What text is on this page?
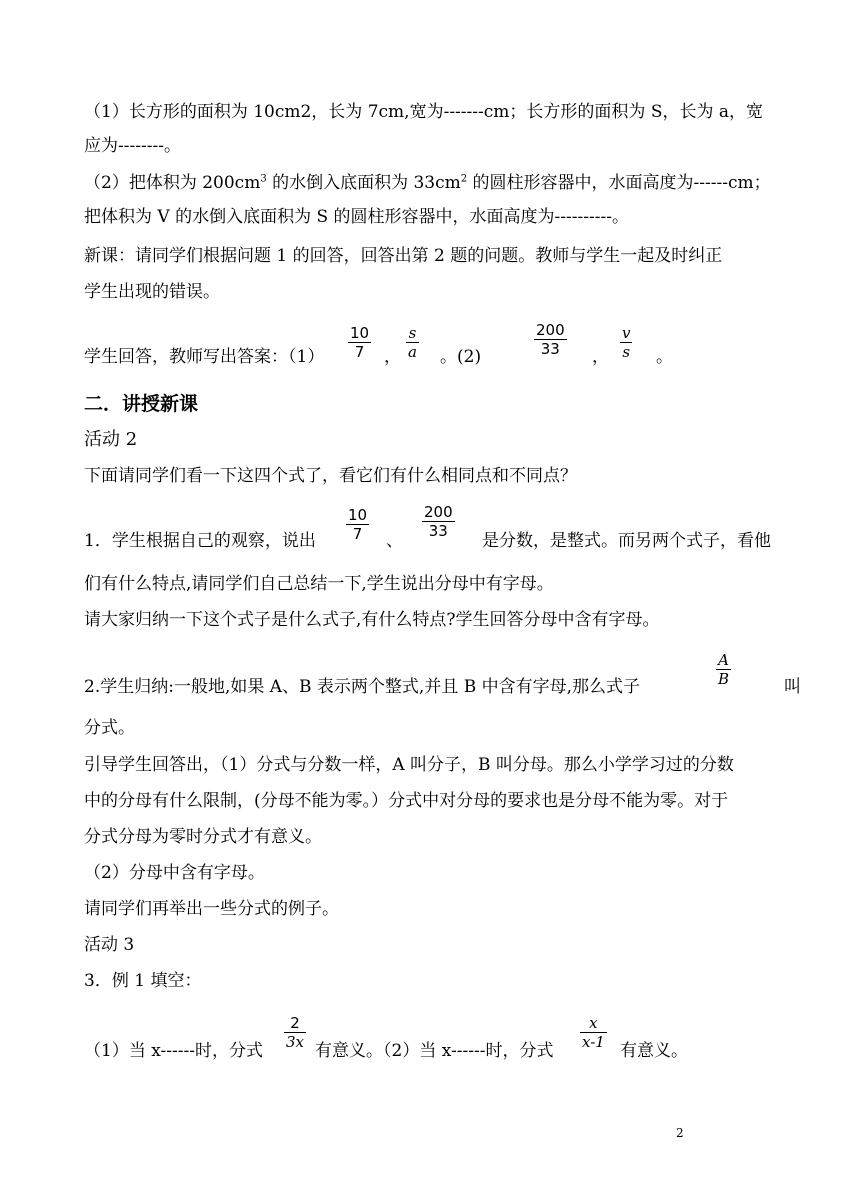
（1）长方形的面积为 10cm2，长为 7cm,宽为-------cm；长方形的面积为 S，长为 a，宽
应为--------。
（2）把体积为 $200cm^3$ 的水倒入底面积为 $33cm^2$ 的圆柱形容器中，水面高度为------cm；
把体积为 V 的水倒入底面积为 S 的圆柱形容器中，水面高度为----------。
新课：请同学们根据问题 1 的回答，回答出第 2 题的问题。教师与学生一起及时纠正
学生出现的错误。
学生回答，教师写出答案：（1）
10
7 ，
s
a 。(2)
200
33 ，
v
s 。
二．讲授新课
活动 2
下面请同学们看一下这四个式了，看它们有什么相同点和不同点？
1．学生根据自己的观察，说出
10
7 、
200
33 是分数，是整式。而另两个式子，看他
们有什么特点,请同学们自己总结一下,学生说出分母中有字母。
请大家归纳一下这个式子是什么式子,有什么特点?学生回答分母中含有字母。
2.学生归纳:一般地,如果 A、B 表示两个整式,并且 B 中含有字母,那么式子
A
B	叫
分式。
引导学生回答出，（1）分式与分数一样，A 叫分子，B 叫分母。那么小学学习过的分数
中的分母有什么限制，(分母不能为零。）分式中对分母的要求也是分母不能为零。对于
分式分母为零时分式才有意义。
（2）分母中含有字母。
请同学们再举出一些分式的例子。
活动 3
3．例 1 填空：
（1）当 x------时，分式
2
3x 有意义。（2）当 x------时，分式
x
x-1 有意义。
2
